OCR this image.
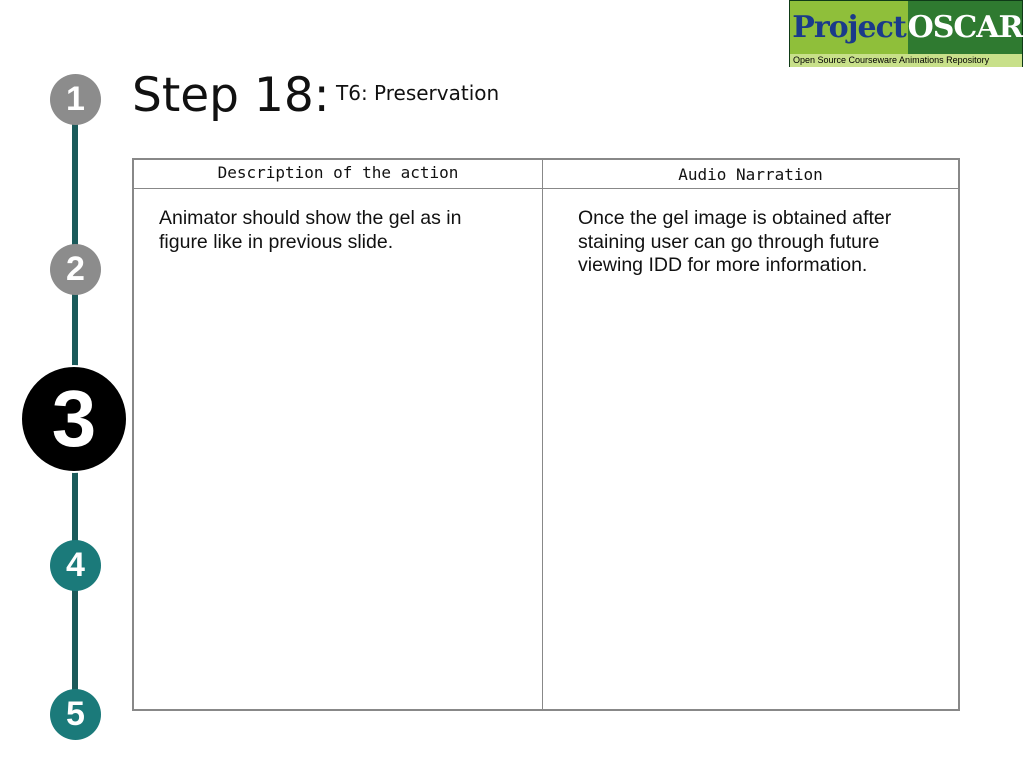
1
2
3
4
5
Step 18: T6: Preservation
Project OSCAR
Open Source Courseware Animations Repository
Description of the action	Audio Narration
Animator should show the gel as in figure like in previous slide.
Once the gel image is obtained after staining user can go through future viewing IDD for more information.
